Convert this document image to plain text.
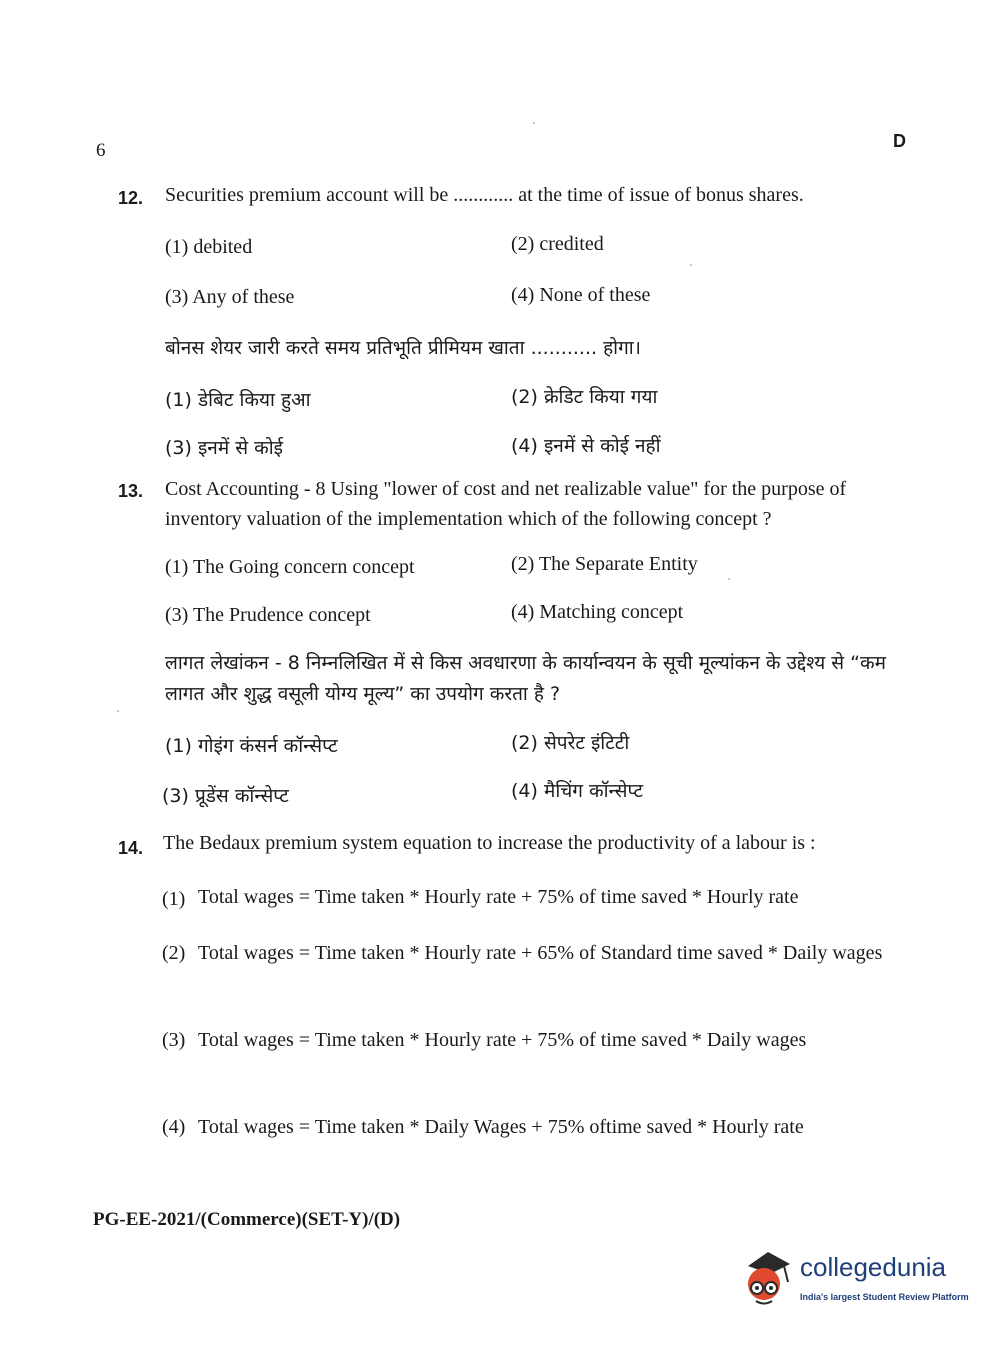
6	D
12. Securities premium account will be ............ at the time of issue of bonus shares.
(1) debited	(2) credited
(3) Any of these	(4) None of these
बोनस शेयर जारी करते समय प्रतिभूति प्रीमियम खाता ........... होगा।
(1) डेबिट किया हुआ	(2) क्रेडिट किया गया
(3) इनमें से कोई	(4) इनमें से कोई नहीं
13. Cost Accounting - 8 Using "lower of cost and net realizable value" for the purpose of inventory valuation of the implementation which of the following concept ?
(1) The Going concern concept	(2) The Separate Entity
(3) The Prudence concept	(4) Matching concept
लागत लेखांकन - 8 निम्नलिखित में से किस अवधारणा के कार्यान्वयन के सूची मूल्यांकन के उद्देश्य से “कम लागत और शुद्ध वसूली योग्य मूल्य” का उपयोग करता है ?
(1) गोइंग कंसर्न कॉन्सेप्ट	(2) सेपरेट इंटिटी
(3) प्रूडेंस कॉन्सेप्ट	(4) मैचिंग कॉन्सेप्ट
14. The Bedaux premium system equation to increase the productivity of a labour is :
(1) Total wages = Time taken * Hourly rate + 75% of time saved * Hourly rate
(2) Total wages = Time taken * Hourly rate + 65% of Standard time saved * Daily wages
(3) Total wages = Time taken * Hourly rate + 75% of time saved * Daily wages
(4) Total wages = Time taken * Daily Wages + 75% oftime saved * Hourly rate
PG-EE-2021/(Commerce)(SET-Y)/(D)
collegedunia
India's largest Student Review Platform
